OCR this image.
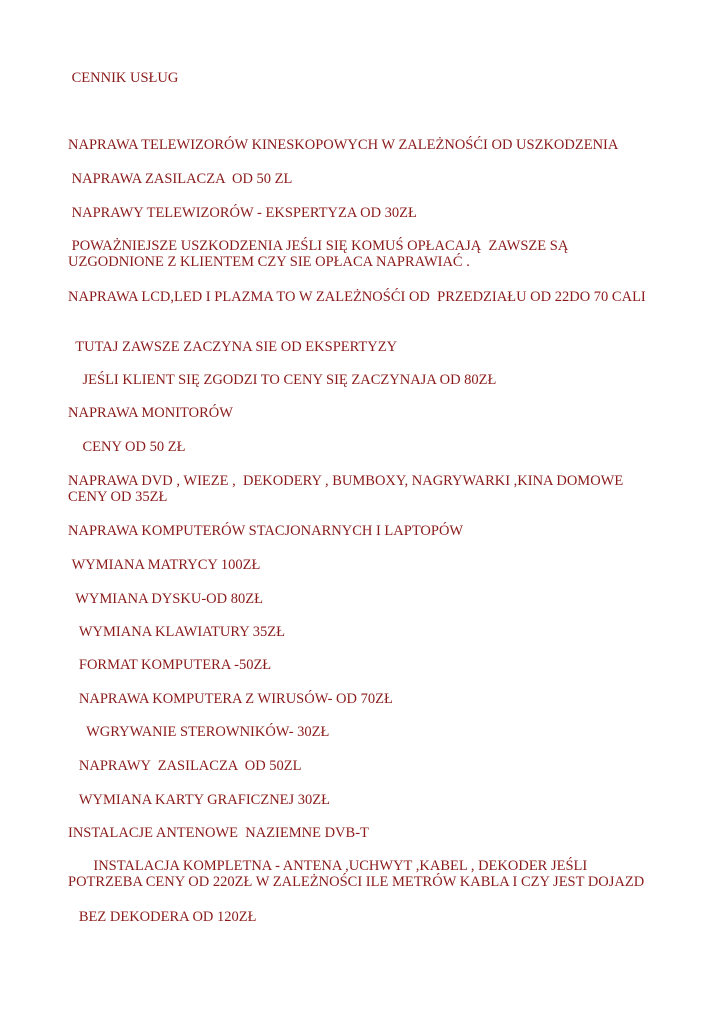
CENNIK USŁUG
NAPRAWA TELEWIZORÓW KINESKOPOWYCH W ZALEŻNOŚĆI OD USZKODZENIA
NAPRAWA ZASILACZA  OD 50 ZL
NAPRAWY TELEWIZORÓW - EKSPERTYZA OD 30ZŁ
POWAŻNIEJSZE USZKODZENIA JEŚLI SIĘ KOMUŚ OPŁACAJĄ  ZAWSZE SĄ UZGODNIONE Z KLIENTEM CZY SIE OPŁACA NAPRAWIAĆ .
NAPRAWA LCD,LED I PLAZMA TO W ZALEŻNOŚĆI OD  PRZEDZIAŁU OD 22DO 70 CALI
TUTAJ ZAWSZE ZACZYNA SIE OD EKSPERTYZY
JEŚLI KLIENT SIĘ ZGODZI TO CENY SIĘ ZACZYNAJA OD 80ZŁ
NAPRAWA MONITORÓW
CENY OD 50 ZŁ
NAPRAWA DVD , WIEZE ,  DEKODERY , BUMBOXY, NAGRYWARKI ,KINA DOMOWE CENY OD 35ZŁ
NAPRAWA KOMPUTERÓW STACJONARNYCH I LAPTOPÓW
WYMIANA MATRYCY 100ZŁ
WYMIANA DYSKU-OD 80ZŁ
WYMIANA KLAWIATURY 35ZŁ
FORMAT KOMPUTERA -50ZŁ
NAPRAWA KOMPUTERA Z WIRUSÓW- OD 70ZŁ
WGRYWANIE STEROWNIKÓW- 30ZŁ
NAPRAWY  ZASILACZA  OD 50ZL
WYMIANA KARTY GRAFICZNEJ 30ZŁ
INSTALACJE ANTENOWE  NAZIEMNE DVB-T
INSTALACJA KOMPLETNA - ANTENA ,UCHWYT ,KABEL , DEKODER JEŚLI POTRZEBA CENY OD 220ZŁ W ZALEŻNOŚCI ILE METRÓW KABLA I CZY JEST DOJAZD
BEZ DEKODERA OD 120ZŁ
